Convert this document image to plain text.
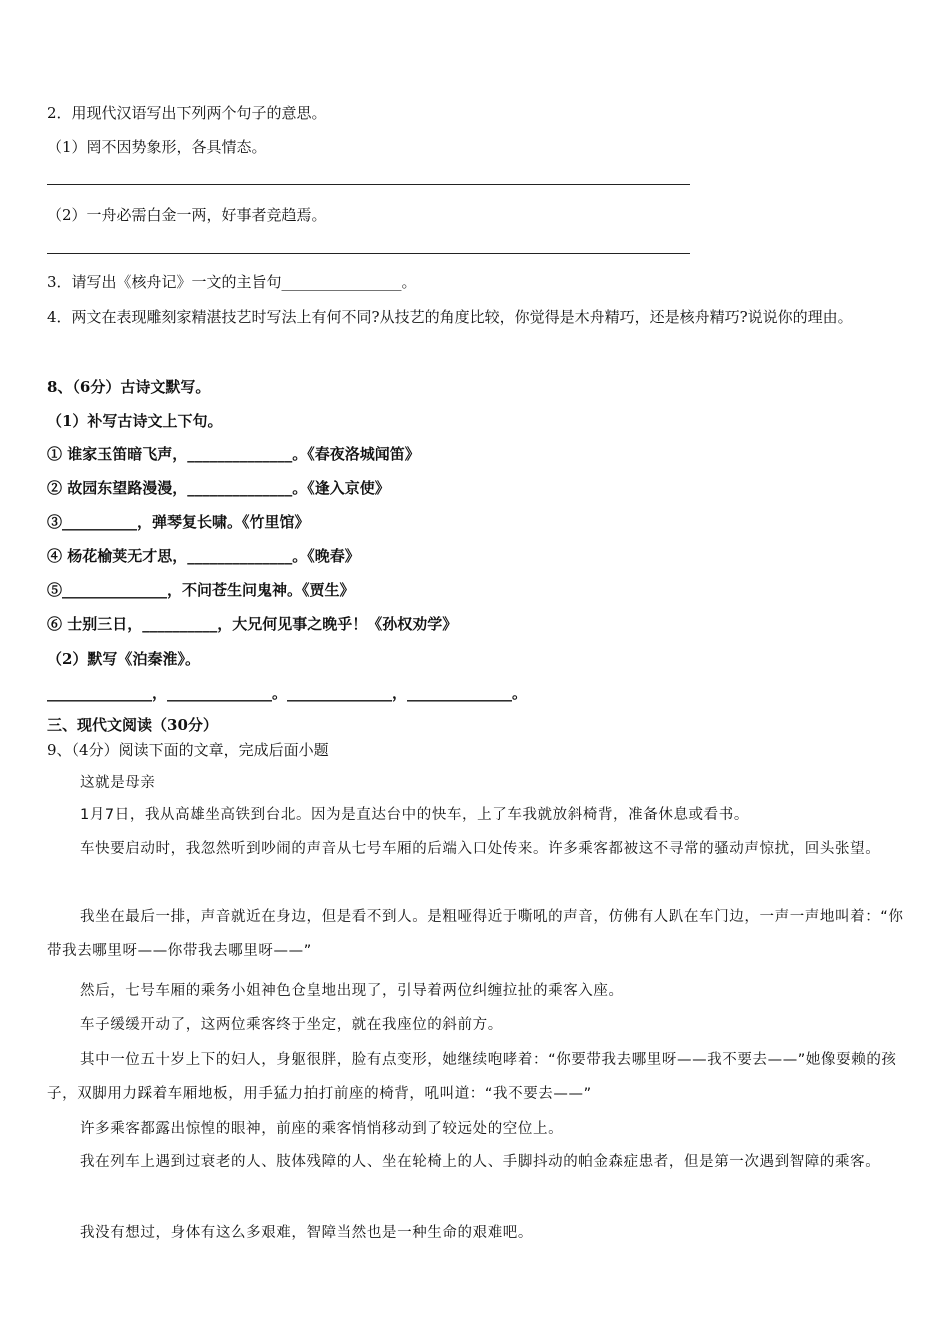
2．用现代汉语写出下列两个句子的意思。
（1）罔不因势象形，各具情态。
（2）一舟必需白金一两，好事者竞趋焉。
3．请写出《核舟记》一文的主旨句________________。
4．两文在表现雕刻家精湛技艺时写法上有何不同?从技艺的角度比较，你觉得是木舟精巧，还是核舟精巧?说说你的理由。
8、（6分）古诗文默写。
（1）补写古诗文上下句。
① 谁家玉笛暗飞声，______________。《春夜洛城闻笛》
② 故园东望路漫漫，______________。《逢入京使》
③__________，弹琴复长啸。《竹里馆》
④ 杨花榆荚无才思，______________。《晚春》
⑤______________，不问苍生问鬼神。《贾生》
⑥ 士别三日，__________，大兄何见事之晚乎！《孙权劝学》
（2）默写《泊秦淮》。
______________，______________。______________，______________。
三、现代文阅读（30分）
9、（4分）阅读下面的文章，完成后面小题
这就是母亲
1月7日，我从高雄坐高铁到台北。因为是直达台中的快车，上了车我就放斜椅背，准备休息或看书。
车快要启动时，我忽然听到吵闹的声音从七号车厢的后端入口处传来。许多乘客都被这不寻常的骚动声惊扰，回头张望。
我坐在最后一排，声音就近在身边，但是看不到人。是粗哑得近于嘶吼的声音，仿佛有人趴在车门边，一声一声地叫着：“你带我去哪里呀——你带我去哪里呀——”
然后，七号车厢的乘务小姐神色仓皇地出现了，引导着两位纠缠拉扯的乘客入座。
车子缓缓开动了，这两位乘客终于坐定，就在我座位的斜前方。
其中一位五十岁上下的妇人，身躯很胖，脸有点变形，她继续咆哮着：“你要带我去哪里呀——我不要去——”她像耍赖的孩子，双脚用力踩着车厢地板，用手猛力拍打前座的椅背，吼叫道：“我不要去——”
许多乘客都露出惊惶的眼神，前座的乘客悄悄移动到了较远处的空位上。
我在列车上遇到过衰老的人、肢体残障的人、坐在轮椅上的人、手脚抖动的帕金森症患者，但是第一次遇到智障的乘客。
我没有想过，身体有这么多艰难，智障当然也是一种生命的艰难吧。
